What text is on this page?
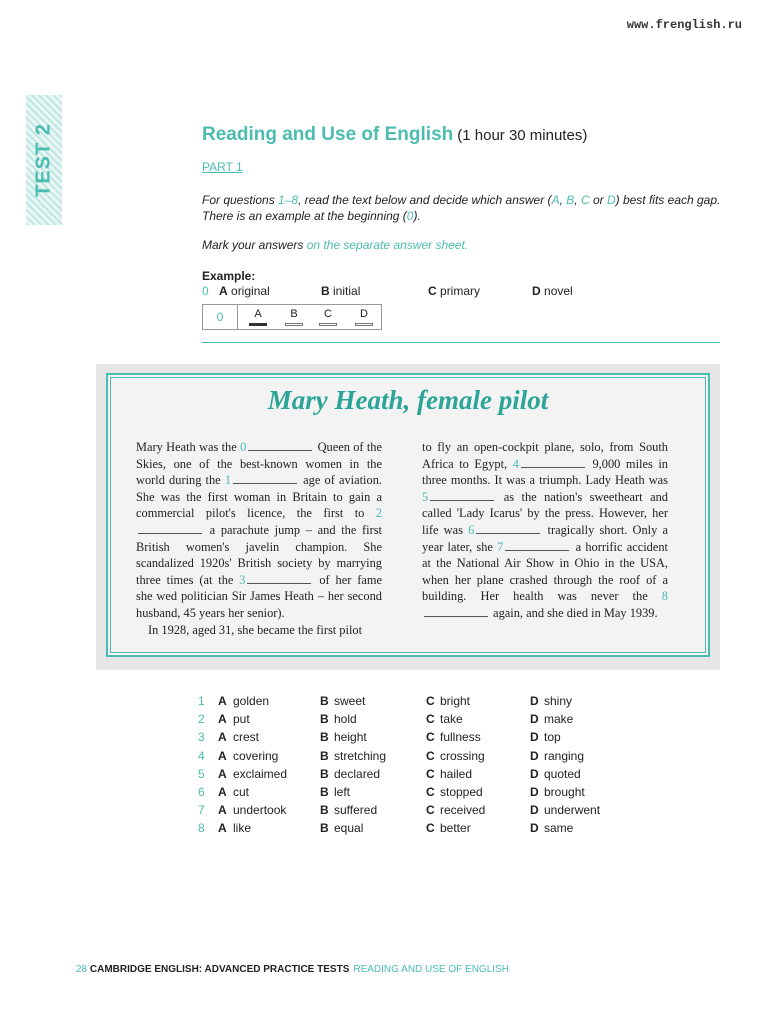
www.frenglish.ru
TEST 2	Reading and Use of English (1 hour 30 minutes)
PART 1
For questions 1–8, read the text below and decide which answer (A, B, C or D) best fits each gap. There is an example at the beginning (0).
Mark your answers on the separate answer sheet.
Example:
0 A original	B initial	C primary	D novel
0	A	B	C	D
Mary Heath, female pilot

Mary Heath was the 0	Queen of the Skies, one of the best-known women in the world during the 1	age of aviation. She was the first woman in Britain to gain a commercial pilot's licence, the first to 2 a parachute jump – and the first British women's javelin champion. She scandalized 1920s' British society by marrying three times (at the 3	of her fame she wed politician Sir James Heath – her second husband, 45 years her senior).

In 1928, aged 31, she became the first pilot

to fly an open-cockpit plane, solo, from South Africa to Egypt, 4	9,000 miles in three months. It was a triumph. Lady Heath was 5	as the nation's sweetheart and called 'Lady Icarus' by the press. However, her life was 6	tragically short. Only a year later, she 7	a horrific accident at the National Air Show in Ohio in the USA, when her plane crashed through the roof of a building. Her health was never the 8 again, and she died in May 1939.

1 A golden	B sweet	C bright	D shiny
2 A put	B hold	C take	D make
3 A crest	B height	C fullness	D top
4 A covering	B stretching	C crossing	D ranging
5 A exclaimed	B declared	C hailed	D quoted
6 A cut	B left	C stopped	D brought
7 A undertook	B suffered	C received	D underwent
8 A like	B equal	C better	D same
28 CAMBRIDGE ENGLISH: ADVANCED PRACTICE TESTS READING AND USE OF ENGLISH
